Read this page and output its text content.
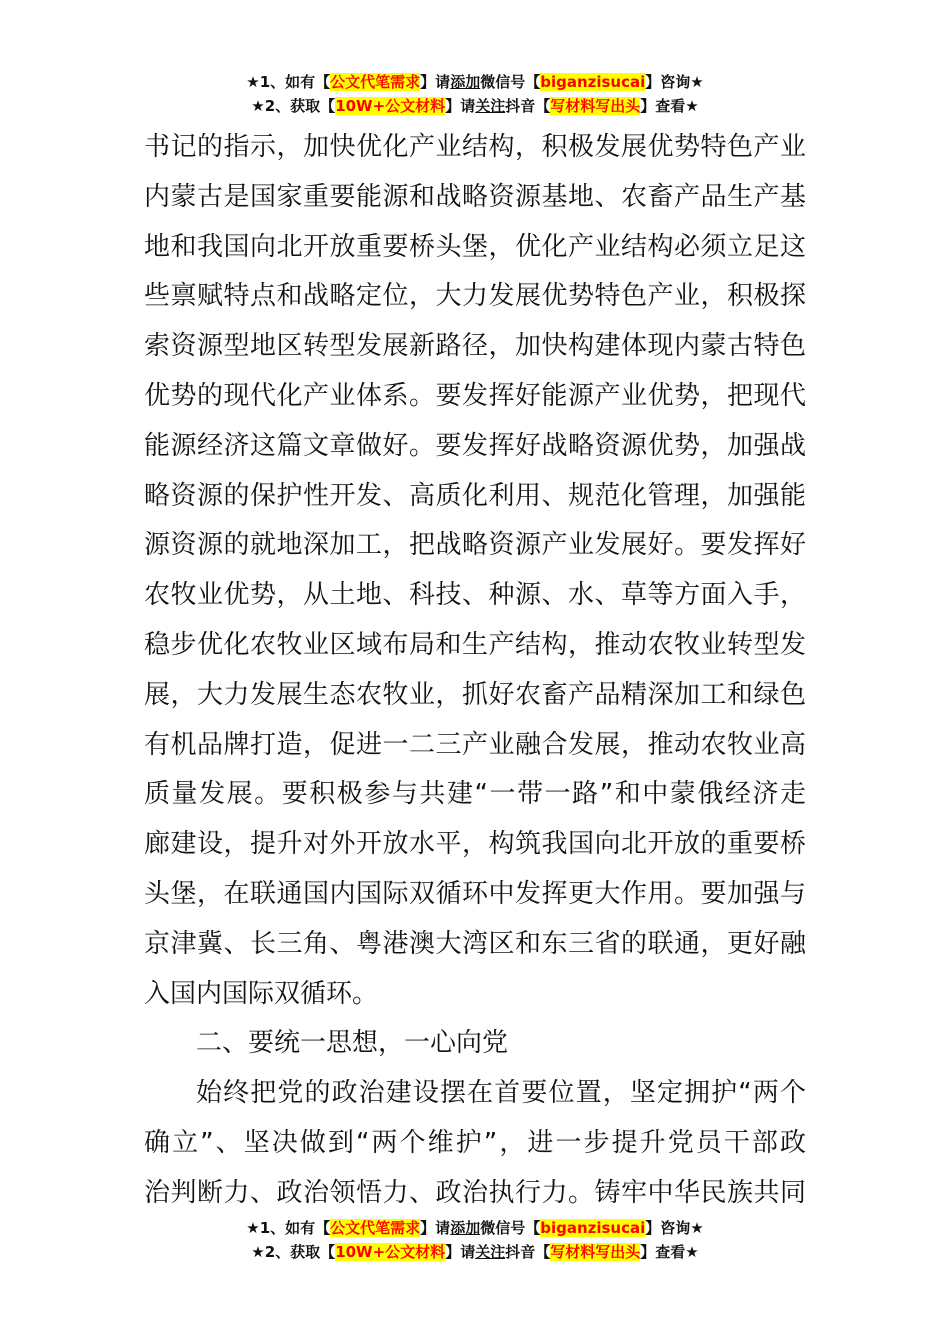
★1、如有【公文代笔需求】请添加微信号【biganzisucai】咨询★
★2、获取【10W+公文材料】请关注抖音【写材料写出头】查看★
书记的指示，加快优化产业结构，积极发展优势特色产业
内蒙古是国家重要能源和战略资源基地、农畜产品生产基
地和我国向北开放重要桥头堡，优化产业结构必须立足这
些禀赋特点和战略定位，大力发展优势特色产业，积极探
索资源型地区转型发展新路径，加快构建体现内蒙古特色
优势的现代化产业体系。要发挥好能源产业优势，把现代
能源经济这篇文章做好。要发挥好战略资源优势，加强战
略资源的保护性开发、高质化利用、规范化管理，加强能
源资源的就地深加工，把战略资源产业发展好。要发挥好
农牧业优势，从土地、科技、种源、水、草等方面入手，
稳步优化农牧业区域布局和生产结构，推动农牧业转型发
展，大力发展生态农牧业，抓好农畜产品精深加工和绿色
有机品牌打造，促进一二三产业融合发展，推动农牧业高
质量发展。要积极参与共建“一带一路”和中蒙俄经济走
廊建设，提升对外开放水平，构筑我国向北开放的重要桥
头堡，在联通国内国际双循环中发挥更大作用。要加强与
京津冀、长三角、粤港澳大湾区和东三省的联通，更好融
入国内国际双循环。
二、要统一思想，一心向党
始终把党的政治建设摆在首要位置，坚定拥护“两个
确立”、坚决做到“两个维护”，进一步提升党员干部政
治判断力、政治领悟力、政治执行力。铸牢中华民族共同
★1、如有【公文代笔需求】请添加微信号【biganzisucai】咨询★
★2、获取【10W+公文材料】请关注抖音【写材料写出头】查看★
